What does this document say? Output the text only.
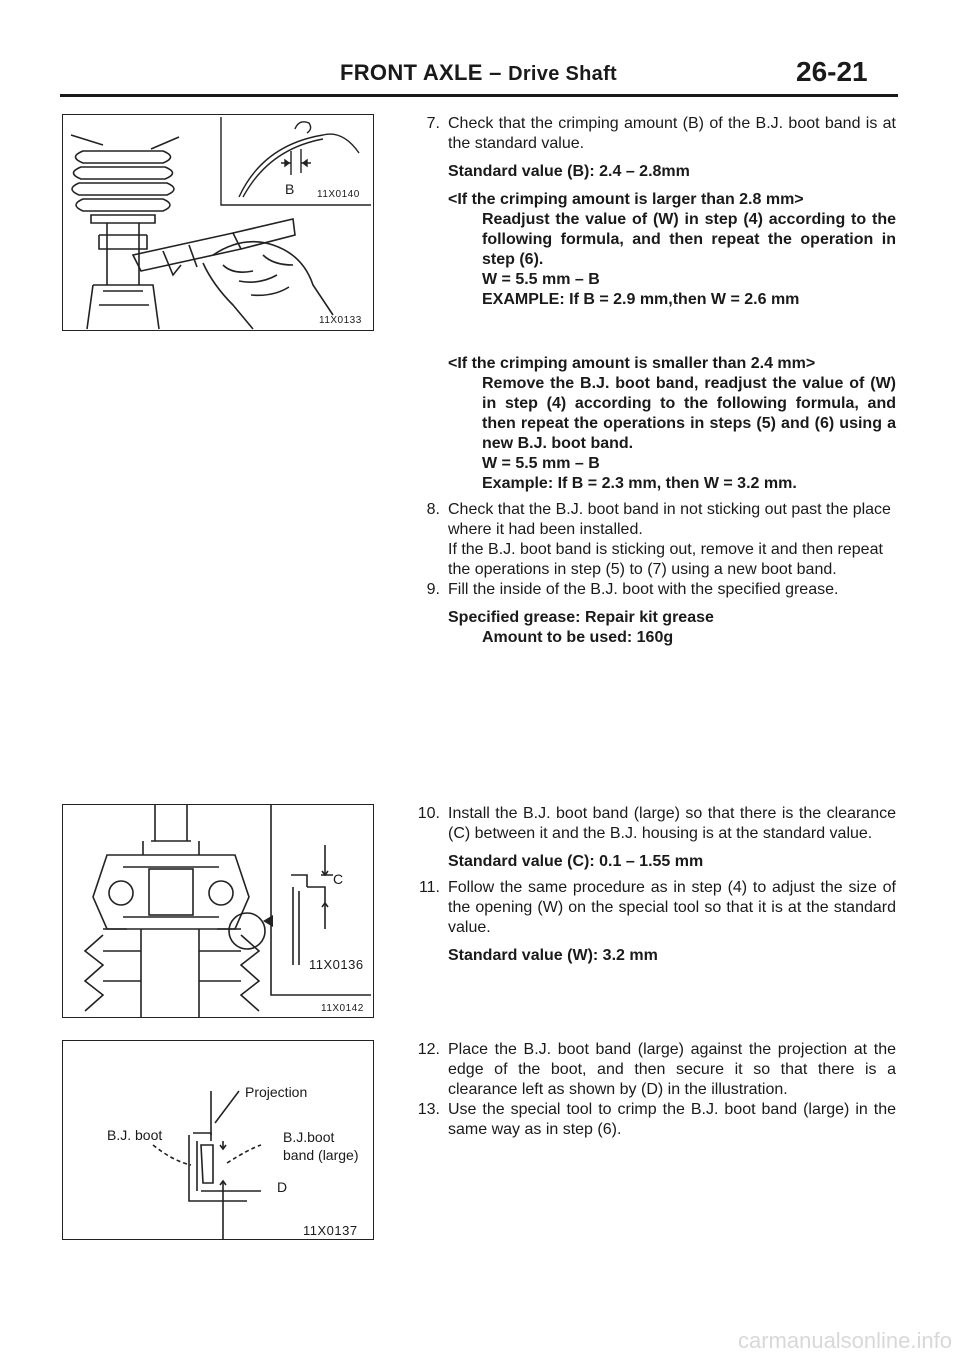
FRONT AXLE – Drive Shaft	26-21
B 11X0140
11X0133
C
11X0136
11X0142
Projection
B.J. boot	B.J.boot
band (large)
D
11X0137
7. Check that the crimping amount (B) of the B.J. boot band is at the standard value.

Standard value (B): 2.4 – 2.8mm

<If the crimping amount is larger than 2.8 mm>

Readjust the value of (W) in step (4) according to the following formula, and then repeat the operation in step (6).

W = 5.5 mm – B

EXAMPLE: If B = 2.9 mm,then W = 2.6 mm

<If the crimping amount is smaller than 2.4 mm>

Remove the B.J. boot band, readjust the value of (W) in step (4) according to the following formula, and then repeat the operations in steps (5) and (6) using a new B.J. boot band.

W = 5.5 mm – B

Example: If B = 2.3 mm, then W = 3.2 mm.

8. Check that the B.J. boot band in not sticking out past the place where it had been installed.

If the B.J. boot band is sticking out, remove it and then repeat the operations in step (5) to (7) using a new boot band.

9. Fill the inside of the B.J. boot with the specified grease.

Specified grease: Repair kit grease

Amount to be used: 160g

10. Install the B.J. boot band (large) so that there is the clearance (C) between it and the B.J. housing is at the standard value.

Standard value (C): 0.1 – 1.55 mm

11. Follow the same procedure as in step (4) to adjust the size of the opening (W) on the special tool so that it is at the standard value.

Standard value (W): 3.2 mm

12. Place the B.J. boot band (large) against the projection at the edge of the boot, and then secure it so that there is a clearance left as shown by (D) in the illustration.

13. Use the special tool to crimp the B.J. boot band (large) in the same way as in step (6).

carmanualsonline.info
